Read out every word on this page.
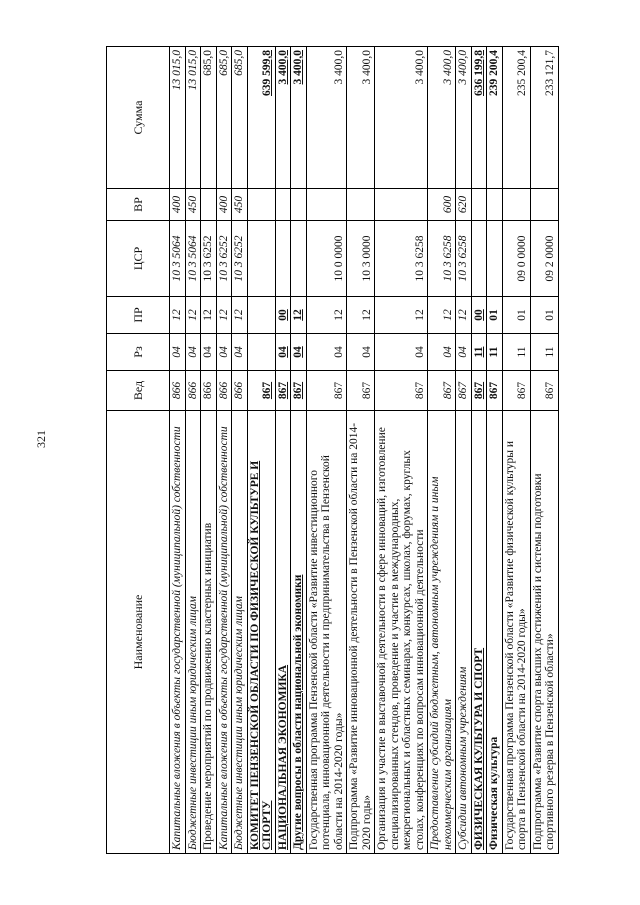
321
Наименование	Вед	Рз	ПР	ЦСР	ВР	Сумма
Капитальные вложения в объекты государственной (муниципальной) собственности	866	04	12	10 3 5064	400	13 015,0
Бюджетные инвестиции иным юридическим лицам	866	04	12	10 3 5064	450	13 015,0
Проведение мероприятий по продвижению кластерных инициатив	866	04	12	10 3 6252		685,0
Капитальные вложения в объекты государственной (муниципальной) собственности	866	04	12	10 3 6252	400	685,0
Бюджетные инвестиции иным юридическим лицам	866	04	12	10 3 6252	450	685,0
КОМИТЕТ ПЕНЗЕНСКОЙ ОБЛАСТИ ПО ФИЗИЧЕСКОЙ КУЛЬТУРЕ И СПОРТУ	867					639 599,8
НАЦИОНАЛЬНАЯ ЭКОНОМИКА	867	04	00			3 400,0
Другие вопросы в области национальной экономики	867	04	12			3 400,0
Государственная программа Пензенской области «Развитие инвестиционного потенциала, инновационной деятельности и предпринимательства в Пензенской области на 2014-2020 годы»	867	04	12	10 0 0000		3 400,0
Подпрограмма «Развитие инновационной деятельности в Пензенской области на 2014-2020 годы»	867	04	12	10 3 0000		3 400,0
Организация и участие в выставочной деятельности в сфере инноваций, изготовление специализированных стендов, проведение и участие в международных, межрегиональных и областных семинарах, конкурсах, школах, форумах, круглых столах, конференциях по вопросам инновационной деятельности	867	04	12	10 3 6258		3 400,0
Предоставление субсидий бюджетным, автономным учреждениям и иным некоммерческим организациям	867	04	12	10 3 6258	600	3 400,0
Субсидии автономным учреждениям	867	04	12	10 3 6258	620	3 400,0
ФИЗИЧЕСКАЯ КУЛЬТУРА И СПОРТ	867	11	00			636 199,8
Физическая культура	867	11	01			239 200,4
Государственная программа Пензенской области «Развитие физической культуры и спорта в Пензенской области на 2014-2020 годы»	867	11	01	09 0 0000		235 200,4
Подпрограмма «Развитие спорта высших достижений и системы подготовки спортивного резерва в Пензенской области»	867	11	01	09 2 0000		233 121,7
